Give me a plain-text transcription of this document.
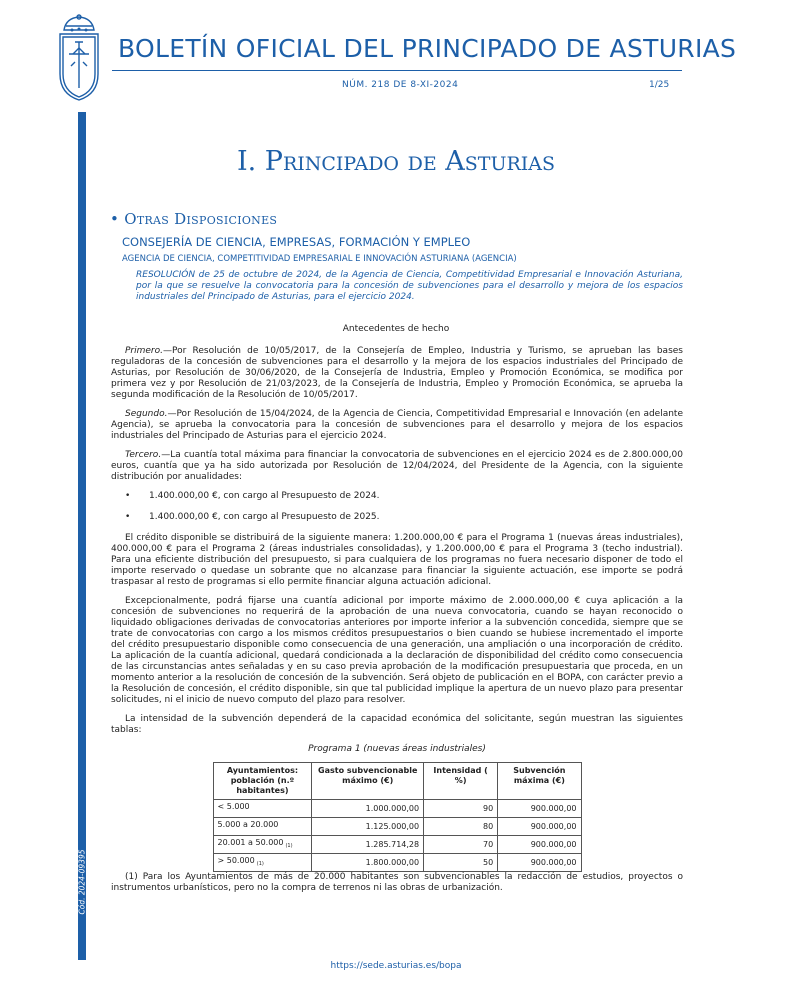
BOLETÍN OFICIAL DEL PRINCIPADO DE ASTURIAS
NÚM. 218 DE 8-XI-2024	1/25
Cód. 2024-09395
I. Principado de Asturias
• Otras Disposiciones
CONSEJERÍA DE CIENCIA, EMPRESAS, FORMACIÓN Y EMPLEO
AGENCIA DE CIENCIA, COMPETITIVIDAD EMPRESARIAL E INNOVACIÓN ASTURIANA (AGENCIA)
RESOLUCIÓN de 25 de octubre de 2024, de la Agencia de Ciencia, Competitividad Empresarial e Innovación Asturiana, por la que se resuelve la convocatoria para la concesión de subvenciones para el desarrollo y mejora de los espacios industriales del Principado de Asturias, para el ejercicio 2024.
Antecedentes de hecho

Primero.—Por Resolución de 10/05/2017, de la Consejería de Empleo, Industria y Turismo, se aprueban las bases reguladoras de la concesión de subvenciones para el desarrollo y la mejora de los espacios industriales del Principado de Asturias, por Resolución de 30/06/2020, de la Consejería de Industria, Empleo y Promoción Económica, se modifica por primera vez y por Resolución de 21/03/2023, de la Consejería de Industria, Empleo y Promoción Económica, se aprueba la segunda modificación de la Resolución de 10/05/2017.

Segundo.—Por Resolución de 15/04/2024, de la Agencia de Ciencia, Competitividad Empresarial e Innovación (en adelante Agencia), se aprueba la convocatoria para la concesión de subvenciones para el desarrollo y mejora de los espacios industriales del Principado de Asturias para el ejercicio 2024.

Tercero.—La cuantía total máxima para financiar la convocatoria de subvenciones en el ejercicio 2024 es de 2.800.000,00 euros, cuantía que ya ha sido autorizada por Resolución de 12/04/2024, del Presidente de la Agencia, con la siguiente distribución por anualidades:

• 1.400.000,00 €, con cargo al Presupuesto de 2024.
• 1.400.000,00 €, con cargo al Presupuesto de 2025.

El crédito disponible se distribuirá de la siguiente manera: 1.200.000,00 € para el Programa 1 (nuevas áreas industriales), 400.000,00 € para el Programa 2 (áreas industriales consolidadas), y 1.200.000,00 € para el Programa 3 (techo industrial). Para una eficiente distribución del presupuesto, si para cualquiera de los programas no fuera necesario disponer de todo el importe reservado o quedase un sobrante que no alcanzase para financiar la siguiente actuación, ese importe se podrá traspasar al resto de programas si ello permite financiar alguna actuación adicional.

Excepcionalmente, podrá fijarse una cuantía adicional por importe máximo de 2.000.000,00 € cuya aplicación a la concesión de subvenciones no requerirá de la aprobación de una nueva convocatoria, cuando se hayan reconocido o liquidado obligaciones derivadas de convocatorias anteriores por importe inferior a la subvención concedida, siempre que se trate de convocatorias con cargo a los mismos créditos presupuestarios o bien cuando se hubiese incrementado el importe del crédito presupuestario disponible como consecuencia de una generación, una ampliación o una incorporación de crédito. La aplicación de la cuantía adicional, quedará condicionada a la declaración de disponibilidad del crédito como consecuencia de las circunstancias antes señaladas y en su caso previa aprobación de la modificación presupuestaria que proceda, en un momento anterior a la resolución de concesión de la subvención. Será objeto de publicación en el BOPA, con carácter previo a la Resolución de concesión, el crédito disponible, sin que tal publicidad implique la apertura de un nuevo plazo para presentar solicitudes, ni el inicio de nuevo computo del plazo para resolver.

La intensidad de la subvención dependerá de la capacidad económica del solicitante, según muestran las siguientes tablas:

Programa 1 (nuevas áreas industriales)
Ayuntamientos: población (n.º habitantes)	Gasto subvencionable máximo (€)	Intensidad ( %)	Subvención máxima (€)
< 5.000	1.000.000,00	90	900.000,00
5.000 a 20.000	1.125.000,00	80	900.000,00
20.001 a 50.000 $_{(1)}$	1.285.714,28	70	900.000,00
> 50.000 $_{(1)}$	1.800.000,00	50	900.000,00

(1) Para los Ayuntamientos de más de 20.000 habitantes son subvencionables la redacción de estudios, proyectos o instrumentos urbanísticos, pero no la compra de terrenos ni las obras de urbanización.

https://sede.asturias.es/bopa
